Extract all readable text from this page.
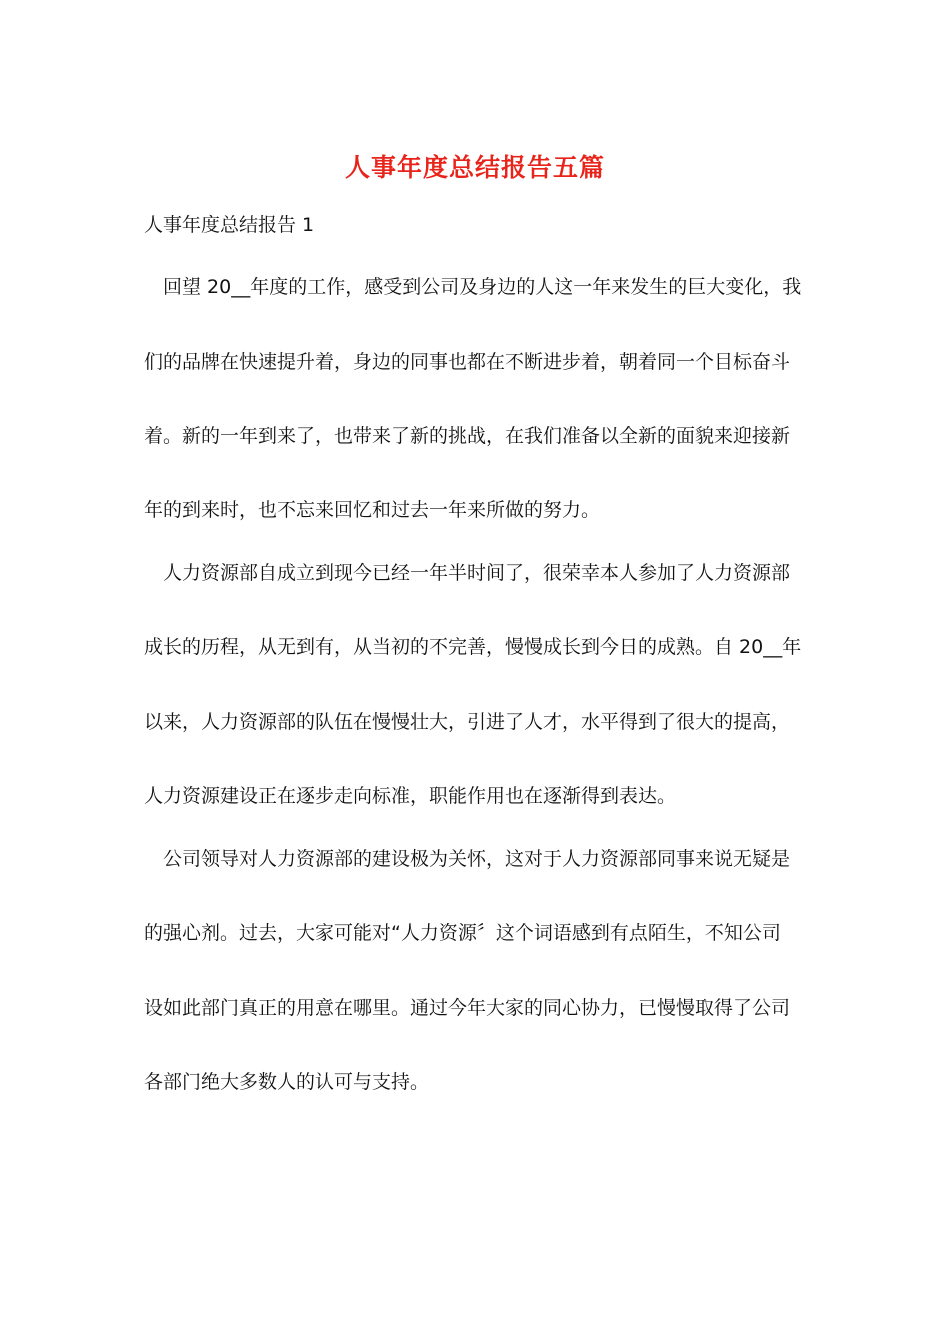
人事年度总结报告五篇
人事年度总结报告 1
回望 20__年度的工作，感受到公司及身边的人这一年来发生的巨大变化，我
们的品牌在快速提升着，身边的同事也都在不断进步着，朝着同一个目标奋斗
着。新的一年到来了，也带来了新的挑战，在我们准备以全新的面貌来迎接新
年的到来时，也不忘来回忆和过去一年来所做的努力。
人力资源部自成立到现今已经一年半时间了，很荣幸本人参加了人力资源部
成长的历程，从无到有，从当初的不完善，慢慢成长到今日的成熟。自 20__年
以来，人力资源部的队伍在慢慢壮大，引进了人才，水平得到了很大的提高，
人力资源建设正在逐步走向标准，职能作用也在逐渐得到表达。
公司领导对人力资源部的建设极为关怀，这对于人力资源部同事来说无疑是
的强心剂。过去，大家可能对“人力资源〞这个词语感到有点陌生，不知公司
设如此部门真正的用意在哪里。通过今年大家的同心协力，已慢慢取得了公司
各部门绝大多数人的认可与支持。
